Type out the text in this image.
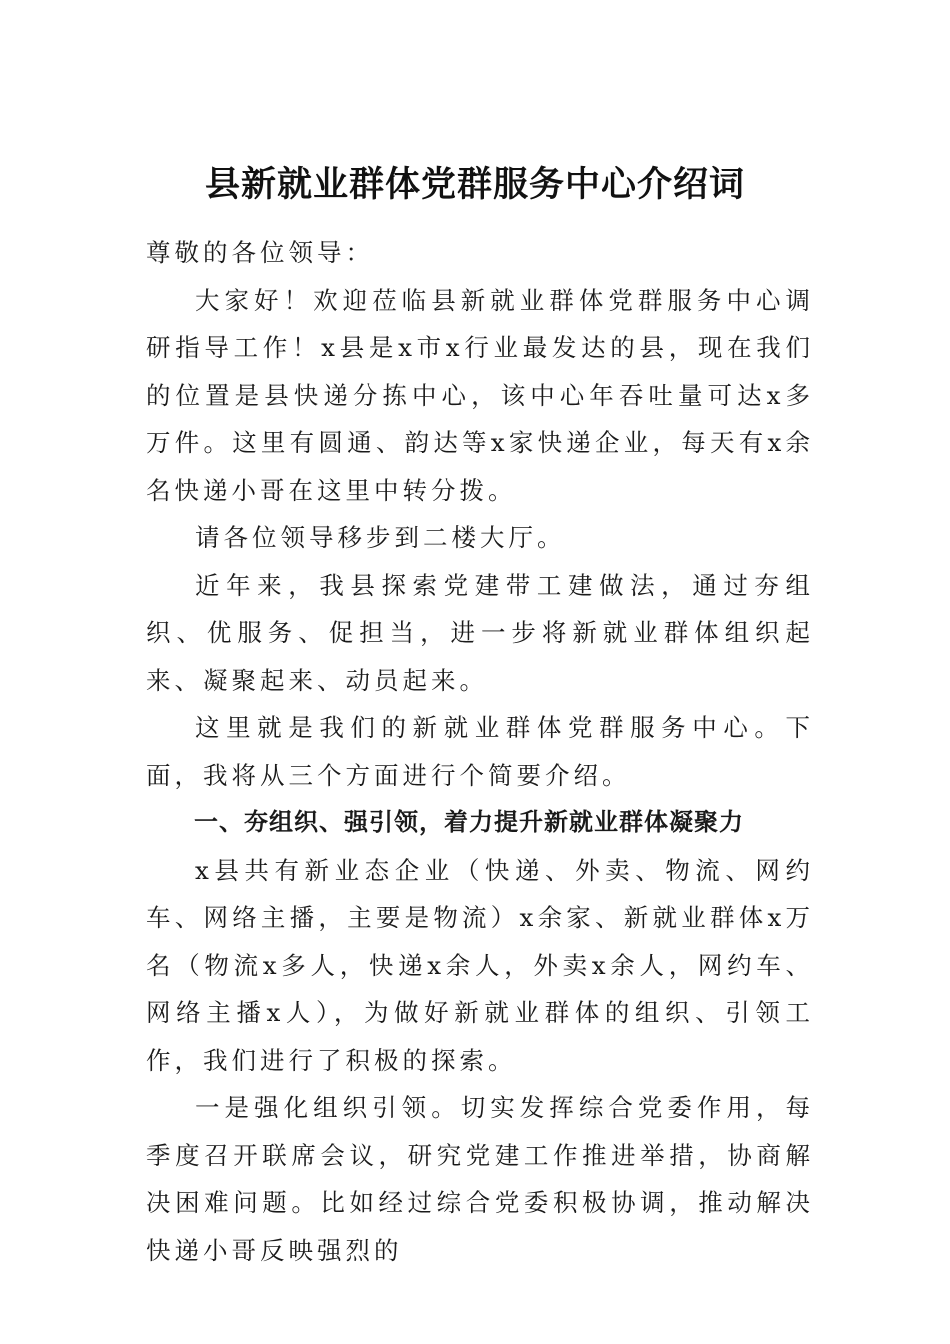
县新就业群体党群服务中心介绍词

尊敬的各位领导：

大家好！欢迎莅临县新就业群体党群服务中心调研指导工作！x县是x市x行业最发达的县，现在我们的位置是县快递分拣中心，该中心年吞吐量可达x多万件。这里有圆通、韵达等x家快递企业，每天有x余名快递小哥在这里中转分拨。

请各位领导移步到二楼大厅。

近年来，我县探索党建带工建做法，通过夯组织、优服务、促担当，进一步将新就业群体组织起来、凝聚起来、动员起来。

这里就是我们的新就业群体党群服务中心。下面，我将从三个方面进行个简要介绍。

一、夯组织、强引领，着力提升新就业群体凝聚力

x县共有新业态企业（快递、外卖、物流、网约车、网络主播，主要是物流）x余家、新就业群体x万名（物流x多人，快递x余人，外卖x余人，网约车、网络主播x人），为做好新就业群体的组织、引领工作，我们进行了积极的探索。

一是强化组织引领。切实发挥综合党委作用，每季度召开联席会议，研究党建工作推进举措，协商解决困难问题。比如经过综合党委积极协调，推动解决快递小哥反映强烈的
